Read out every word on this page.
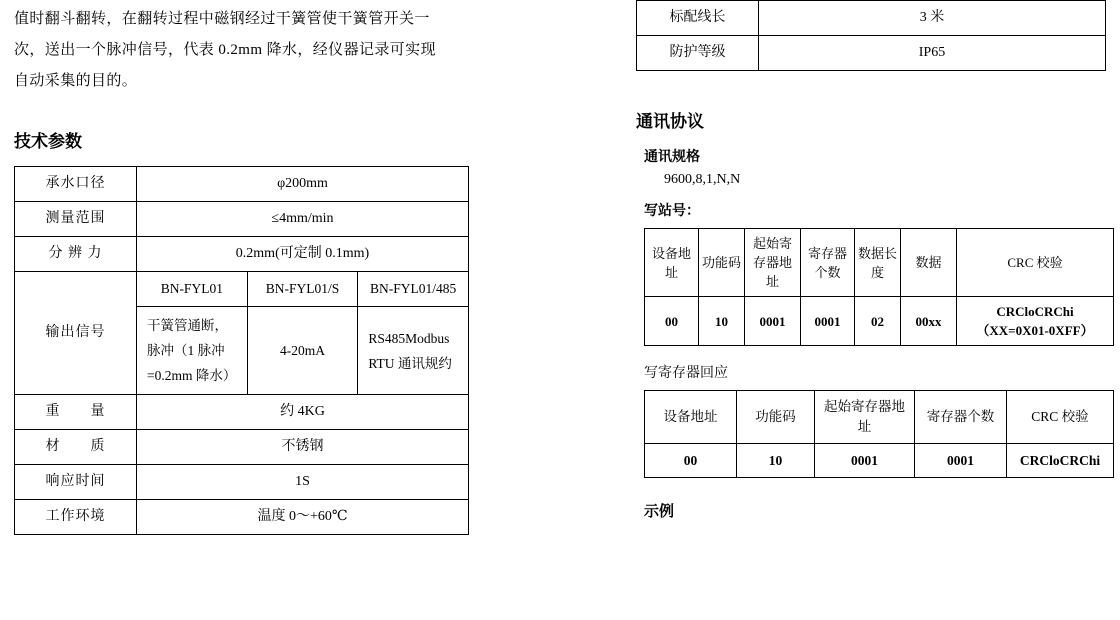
值时翻斗翻转，在翻转过程中磁钢经过干簧管使干簧管开关一
次，送出一个脉冲信号，代表 0.2mm 降水，经仪器记录可实现
自动采集的目的。
技术参数
承水口径	φ200mm		
测量范围	≤4mm/min		
分 辨 力	0.2mm(可定制 0.1mm)		
输出信号	BN-FYL01	BN-FYL01/S	BN-FYL01/485
	干簧管通断，脉冲（1 脉冲=0.2mm 降水）	4-20mA	RS485Modbus RTU 通讯规约
重　　量	约 4KG		
材　　质	不锈钢		
响应时间	1S		
工作环境	温度 0〜+60℃		
标配线长	3 米
防护等级	IP65
通讯协议
通讯规格
9600,8,1,N,N
写站号：
设备地址	功能码	起始寄存器地址	寄存器个数	数据长度	数据	CRC 校验
00	10	0001	0001	02	00xx	CRCloCRChi
（XX=0X01-0XFF）
写寄存器回应
设备地址	功能码	起始寄存器地址	寄存器个数	CRC 校验
00	10	0001	0001	CRCloCRChi
示例
